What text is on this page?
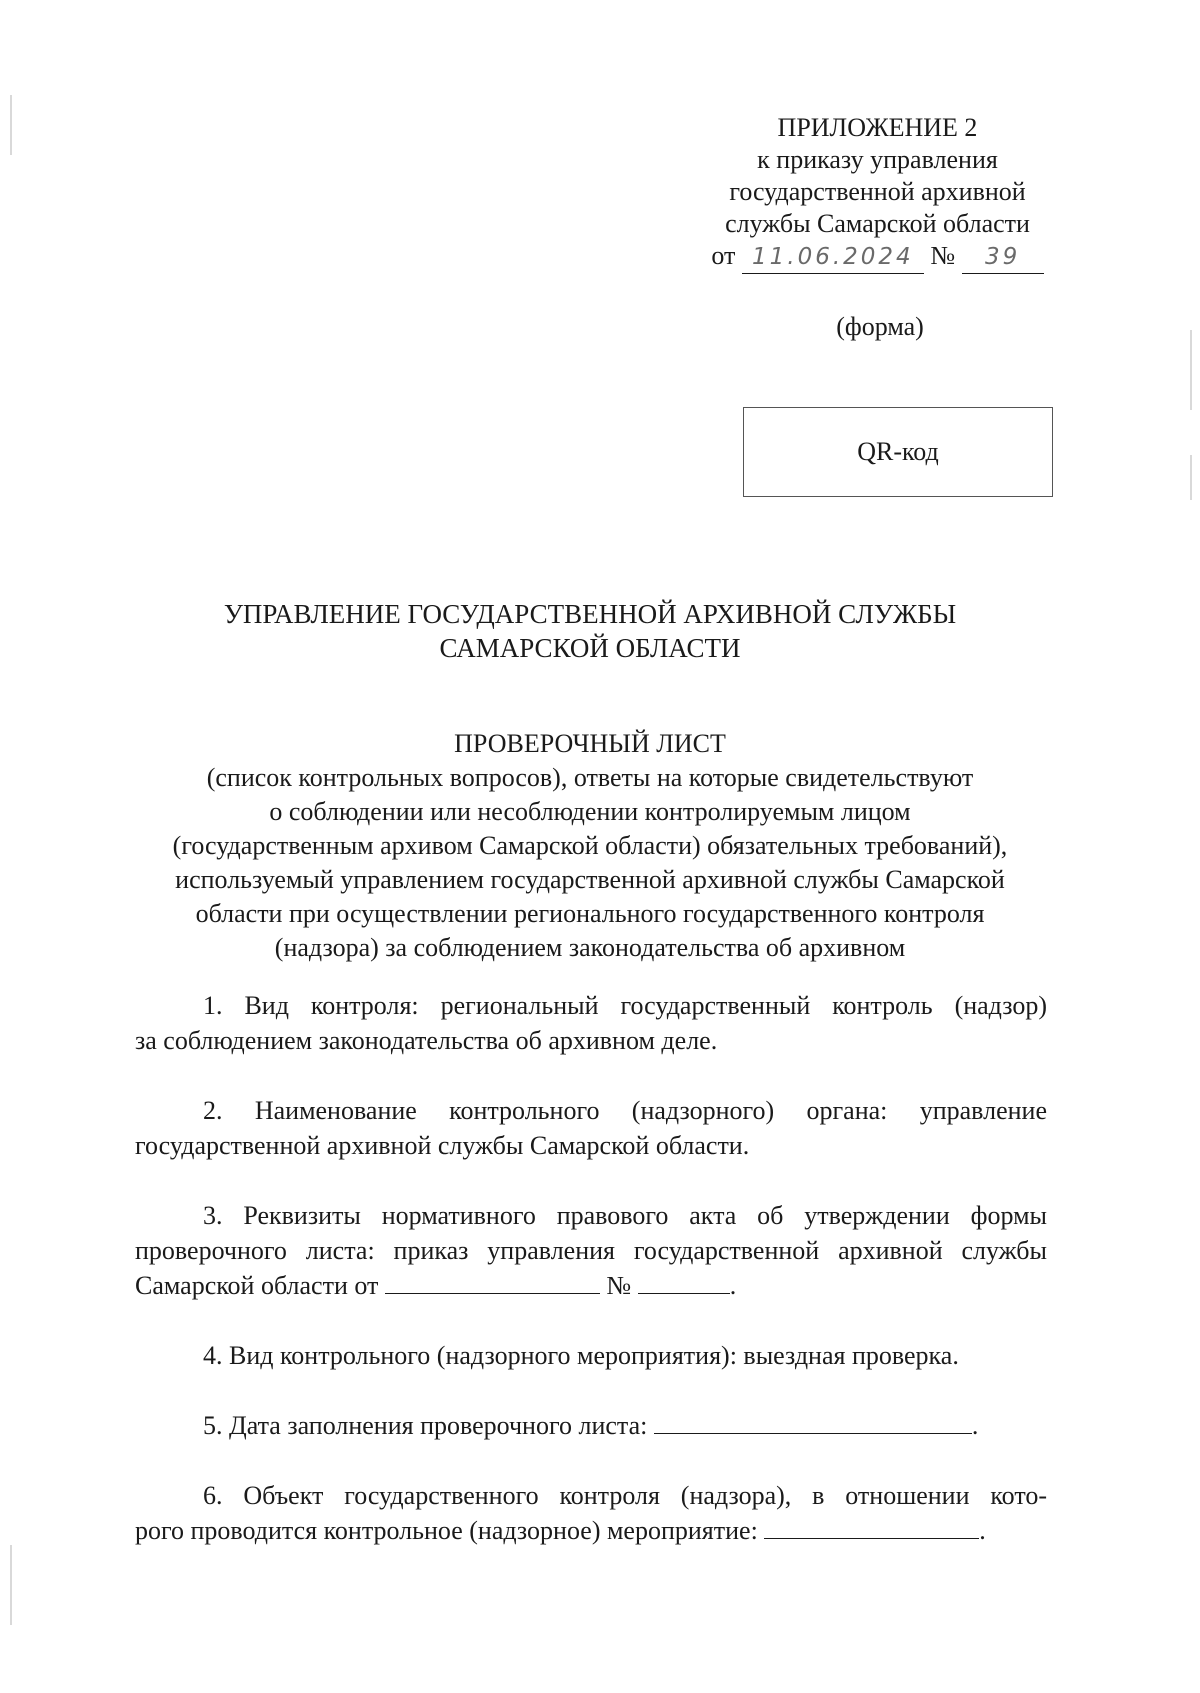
ПРИЛОЖЕНИЕ 2
к приказу управления
государственной архивной
службы Самарской области
от 11.06.2024 № 39
(форма)
QR-код
УПРАВЛЕНИЕ ГОСУДАРСТВЕННОЙ АРХИВНОЙ СЛУЖБЫ
САМАРСКОЙ ОБЛАСТИ
ПРОВЕРОЧНЫЙ ЛИСТ
(список контрольных вопросов), ответы на которые свидетельствуют
о соблюдении или несоблюдении контролируемым лицом
(государственным архивом Самарской области) обязательных требований),
используемый управлением государственной архивной службы Самарской
области при осуществлении регионального государственного контроля
(надзора) за соблюдением законодательства об архивном
1. Вид контроля: региональный государственный контроль (надзор)
за соблюдением законодательства об архивном деле.
2. Наименование контрольного (надзорного) органа: управление
государственной архивной службы Самарской области.
3. Реквизиты нормативного правового акта об утверждении формы
проверочного листа: приказ управления государственной архивной службы
Самарской области от	№	.
4. Вид контрольного (надзорного мероприятия): выездная проверка.
5. Дата заполнения проверочного листа:	.
6. Объект государственного контроля (надзора), в отношении кото-
рого проводится контрольное (надзорное) мероприятие:	.
